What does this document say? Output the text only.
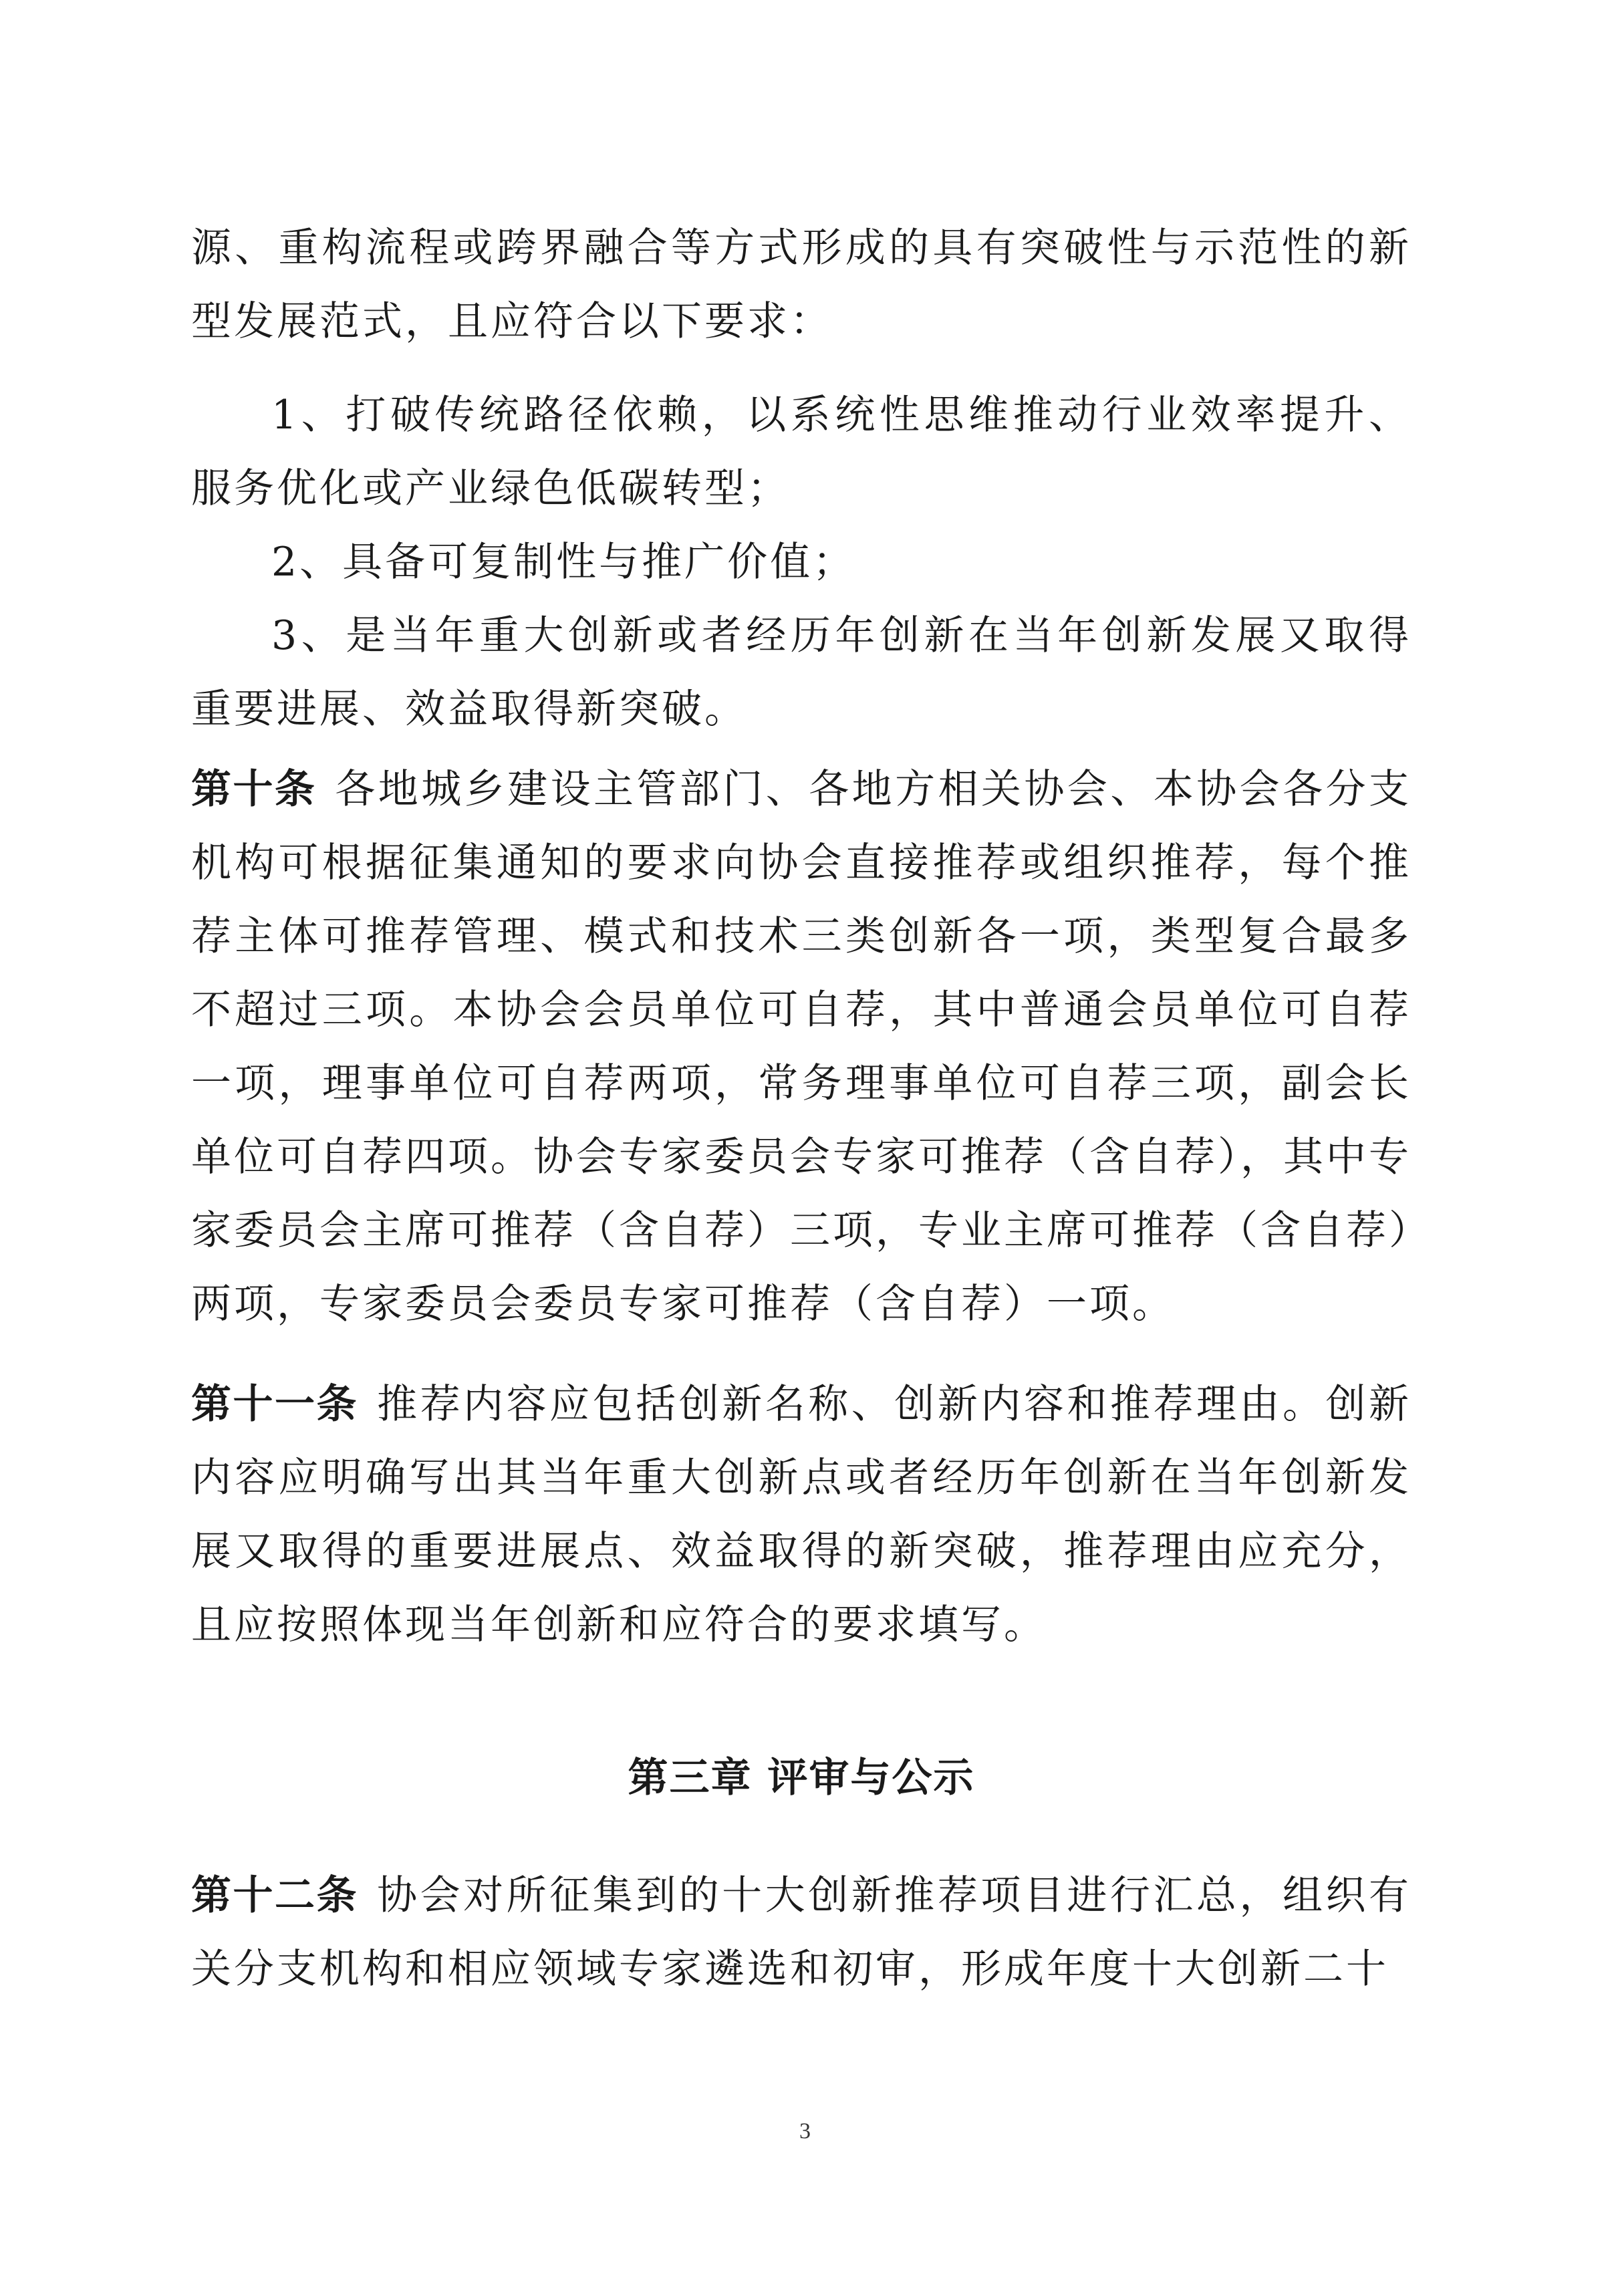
源、重构流程或跨界融合等方式形成的具有突破性与示范性的新型发展范式，且应符合以下要求：

1、打破传统路径依赖，以系统性思维推动行业效率提升、服务优化或产业绿色低碳转型；

2、具备可复制性与推广价值；

3、是当年重大创新或者经历年创新在当年创新发展又取得重要进展、效益取得新突破。

第十条 各地城乡建设主管部门、各地方相关协会、本协会各分支机构可根据征集通知的要求向协会直接推荐或组织推荐，每个推荐主体可推荐管理、模式和技术三类创新各一项，类型复合最多不超过三项。本协会会员单位可自荐，其中普通会员单位可自荐一项，理事单位可自荐两项，常务理事单位可自荐三项，副会长单位可自荐四项。协会专家委员会专家可推荐（含自荐），其中专家委员会主席可推荐（含自荐）三项，专业主席可推荐（含自荐）两项，专家委员会委员专家可推荐（含自荐）一项。

第十一条 推荐内容应包括创新名称、创新内容和推荐理由。创新内容应明确写出其当年重大创新点或者经历年创新在当年创新发展又取得的重要进展点、效益取得的新突破，推荐理由应充分，且应按照体现当年创新和应符合的要求填写。

第三章 评审与公示

第十二条 协会对所征集到的十大创新推荐项目进行汇总，组织有关分支机构和相应领域专家遴选和初审，形成年度十大创新二十

3
